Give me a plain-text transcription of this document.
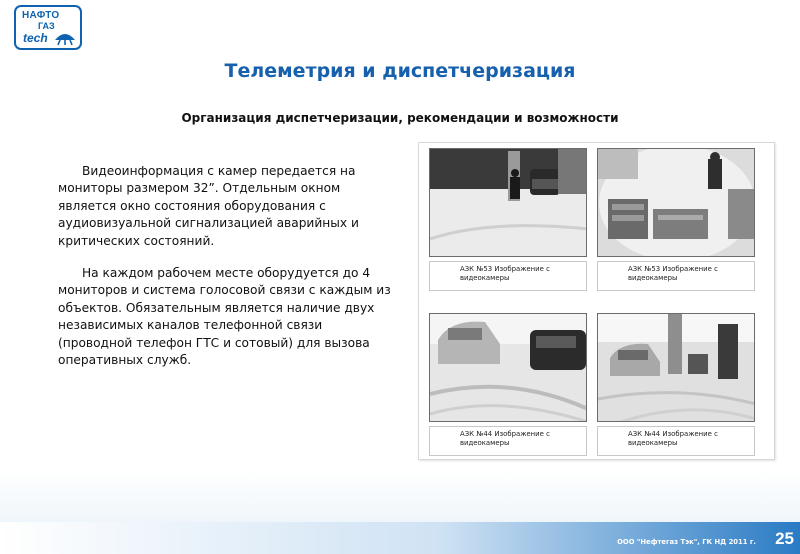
НАФТО
ГАЗ
tech
Телеметрия и диспетчеризация
Организация диспетчеризации, рекомендации и возможности

Видеоинформация с камер передается на мониторы размером 32”. Отдельным окном является окно состояния оборудования с аудиовизуальной сигнализацией аварийных и критических состояний.

На каждом рабочем месте оборудуется до 4 мониторов и система голосовой связи с каждым из объектов. Обязательным является наличие двух независимых каналов телефонной связи (проводной телефон ГТС и сотовый) для вызова оперативных служб.

АЗК №53 Изображение с видеокамеры
АЗК №53 Изображение с видеокамеры
АЗК №44 Изображение с видеокамеры
АЗК №44 Изображение с видеокамеры
ООО "Нефтегаз Тэк", ГК НД 2011 г. 25
